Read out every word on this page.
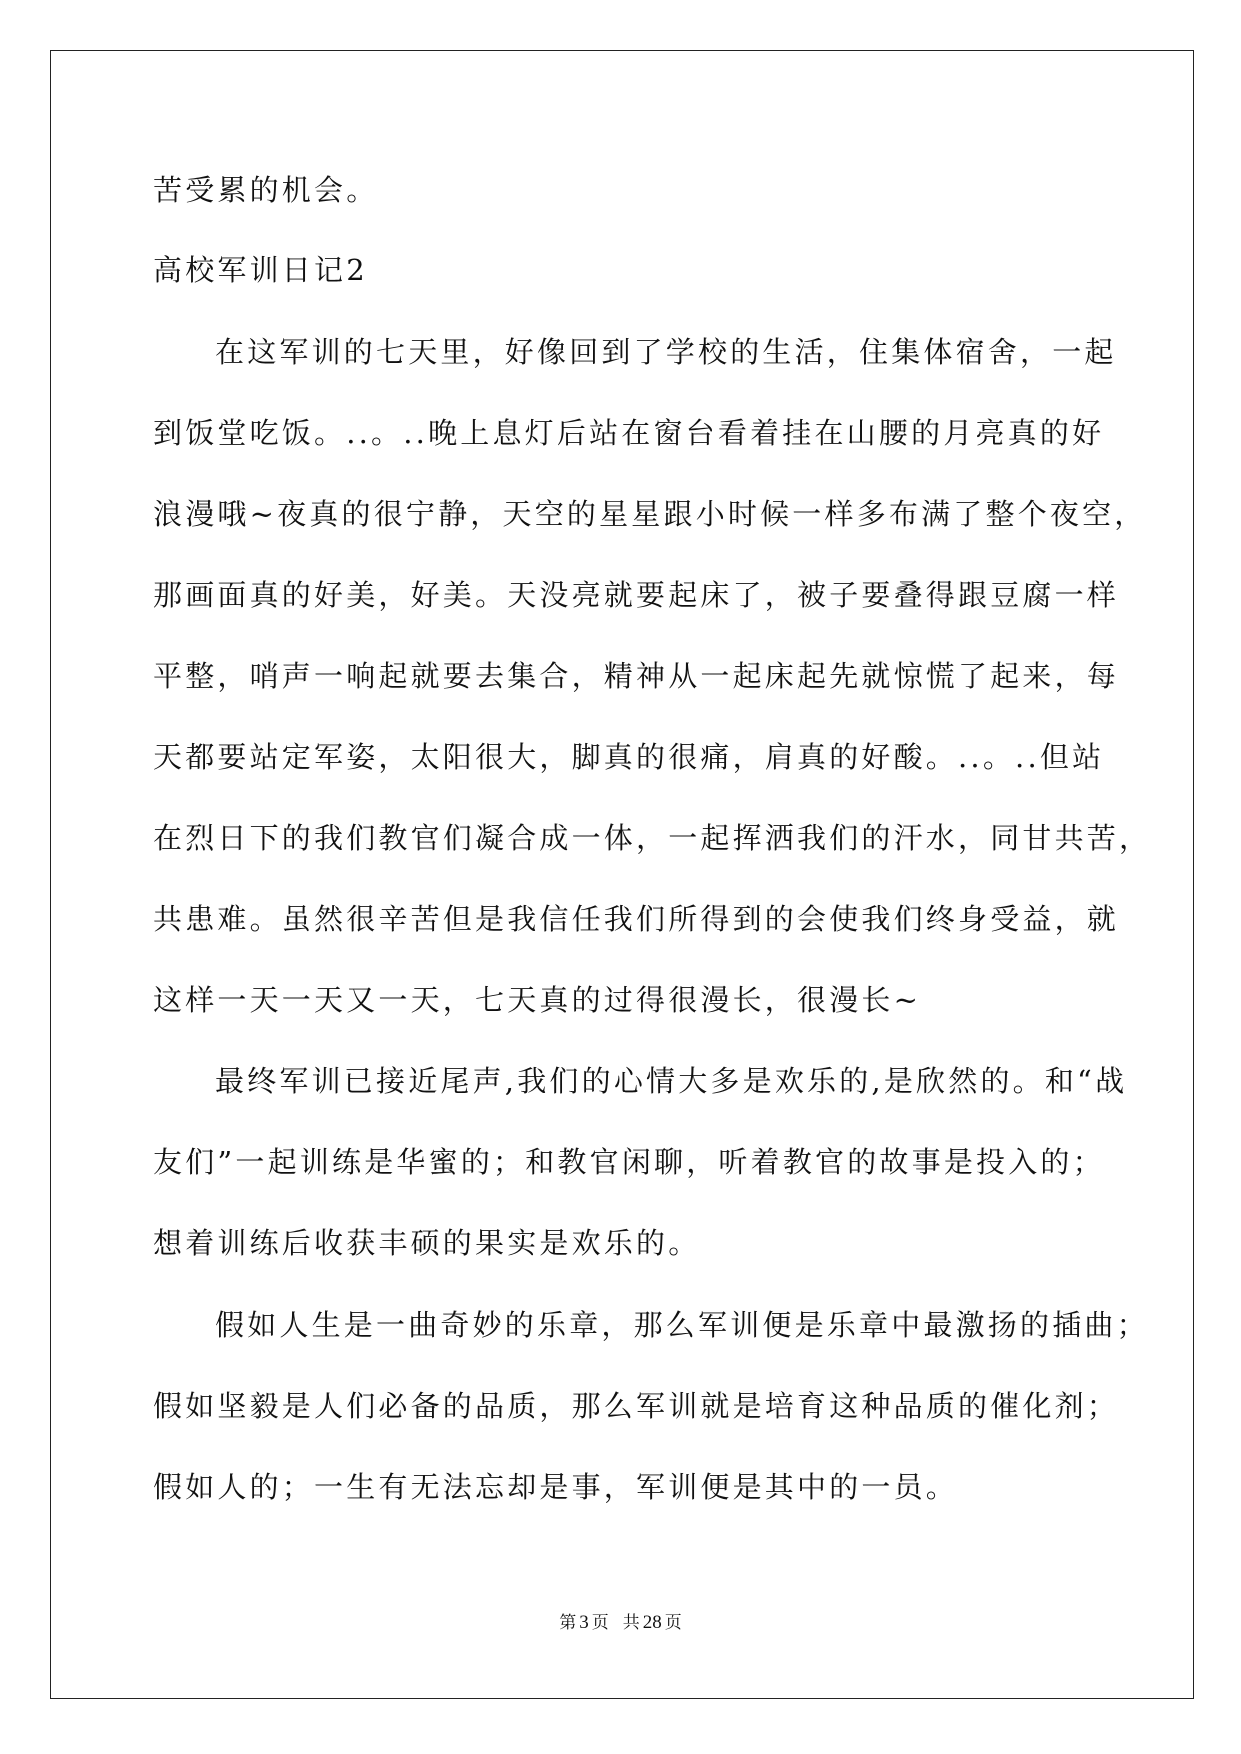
苦受累的机会。
高校军训日记2
在这军训的七天里，好像回到了学校的生活，住集体宿舍，一起
到饭堂吃饭。..。..晚上息灯后站在窗台看着挂在山腰的月亮真的好
浪漫哦~夜真的很宁静，天空的星星跟小时候一样多布满了整个夜空，
那画面真的好美，好美。天没亮就要起床了，被子要叠得跟豆腐一样
平整，哨声一响起就要去集合，精神从一起床起先就惊慌了起来，每
天都要站定军姿，太阳很大，脚真的很痛，肩真的好酸。..。..但站
在烈日下的我们教官们凝合成一体，一起挥洒我们的汗水，同甘共苦，
共患难。虽然很辛苦但是我信任我们所得到的会使我们终身受益，就
这样一天一天又一天，七天真的过得很漫长，很漫长~
最终军训已接近尾声,我们的心情大多是欢乐的,是欣然的。和“战
友们”一起训练是华蜜的；和教官闲聊，听着教官的故事是投入的；
想着训练后收获丰硕的果实是欢乐的。
假如人生是一曲奇妙的乐章，那么军训便是乐章中最激扬的插曲；
假如坚毅是人们必备的品质，那么军训就是培育这种品质的催化剂；
假如人的；一生有无法忘却是事，军训便是其中的一员。
第 3 页 共 28 页
